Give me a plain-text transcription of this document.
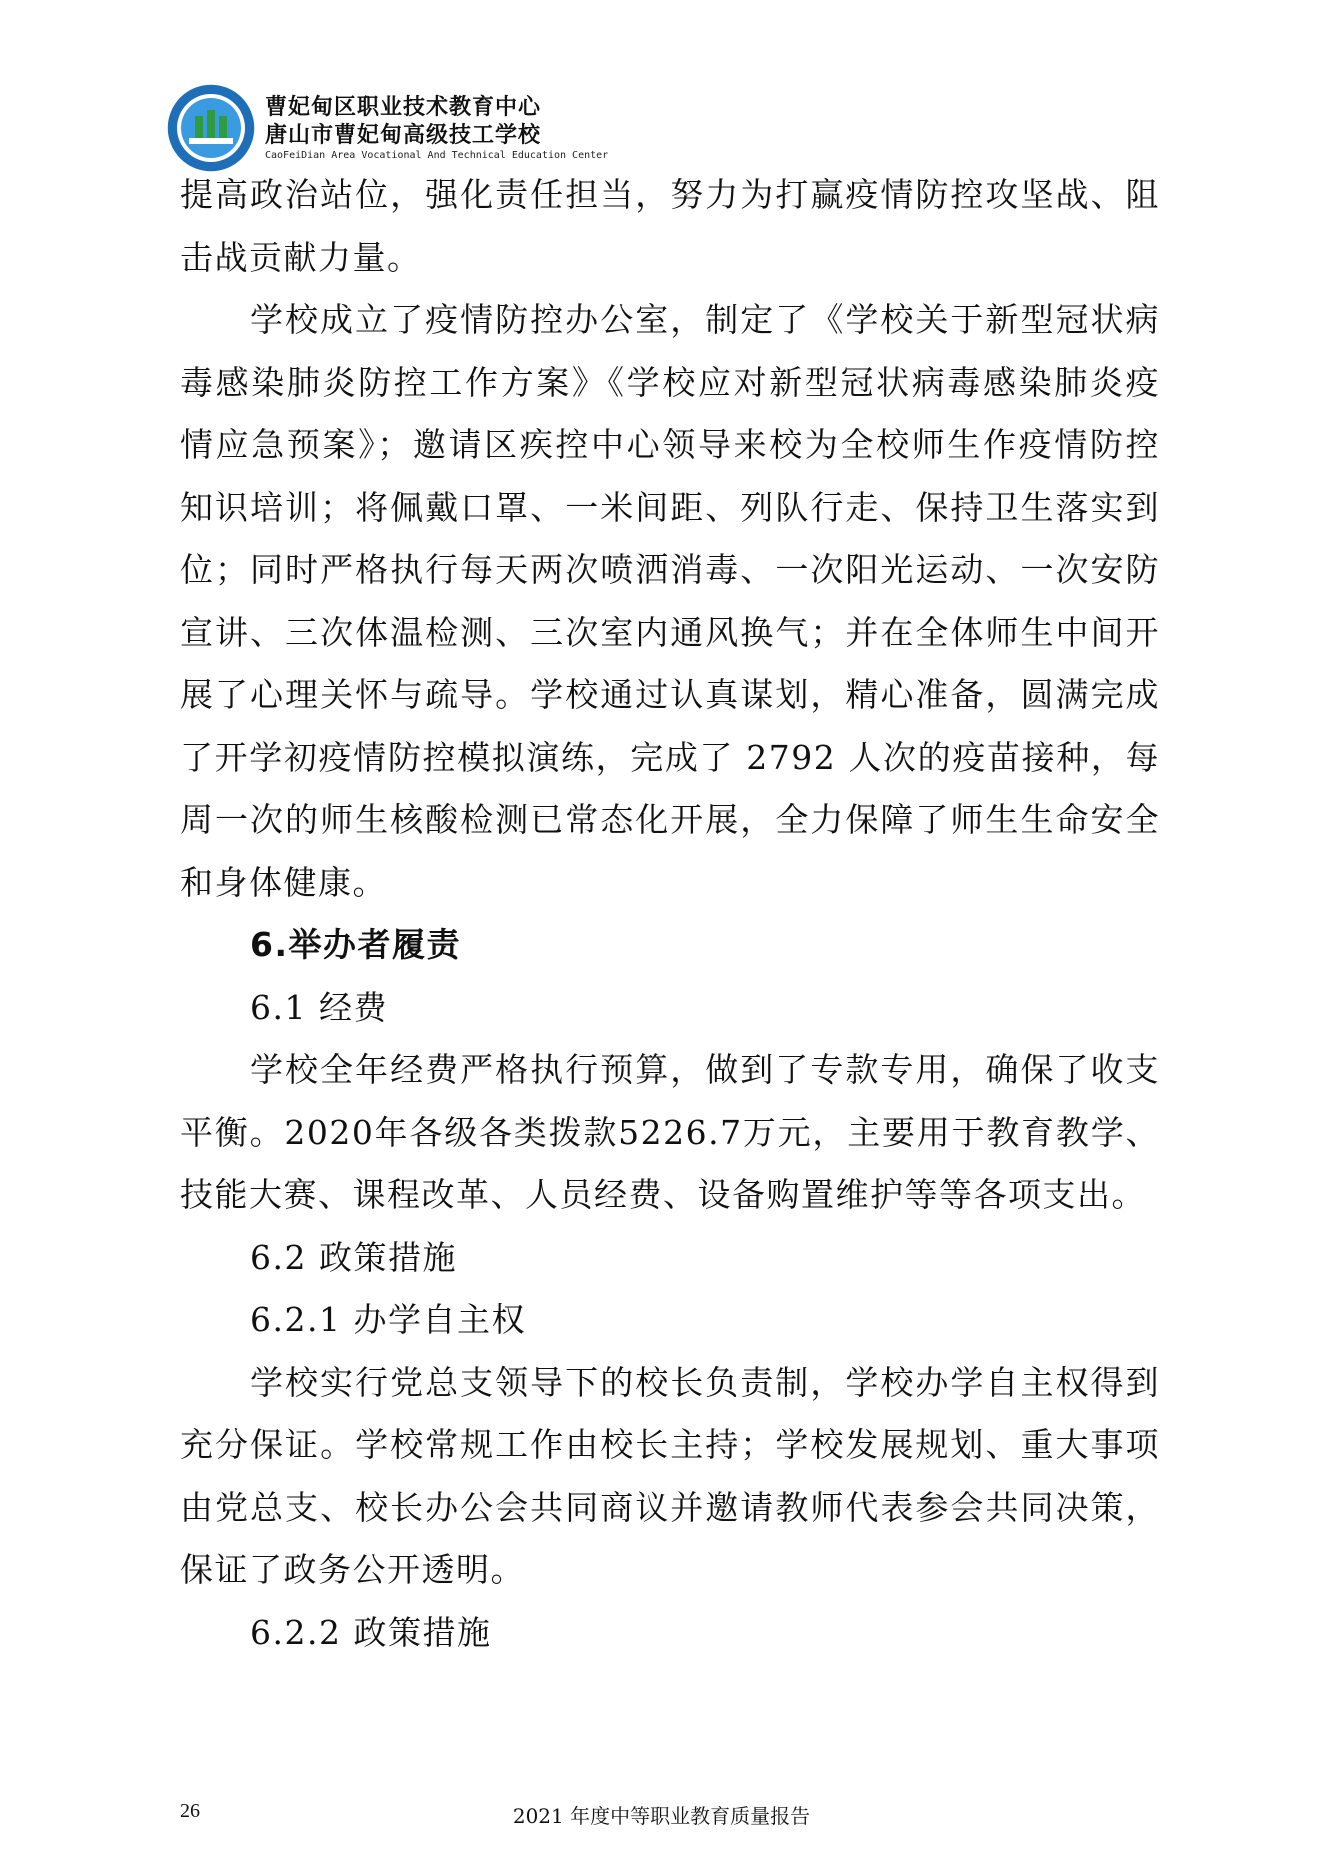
曹妃甸区职业技术教育中心
唐山市曹妃甸高级技工学校
CaoFeiDian Area Vocational And Technical Education Center

提高政治站位，强化责任担当，努力为打赢疫情防控攻坚战、阻击战贡献力量。

学校成立了疫情防控办公室，制定了《学校关于新型冠状病毒感染肺炎防控工作方案》《学校应对新型冠状病毒感染肺炎疫情应急预案》；邀请区疾控中心领导来校为全校师生作疫情防控知识培训；将佩戴口罩、一米间距、列队行走、保持卫生落实到位；同时严格执行每天两次喷洒消毒、一次阳光运动、一次安防宣讲、三次体温检测、三次室内通风换气；并在全体师生中间开展了心理关怀与疏导。学校通过认真谋划，精心准备，圆满完成了开学初疫情防控模拟演练，完成了 2792 人次的疫苗接种，每周一次的师生核酸检测已常态化开展，全力保障了师生生命安全和身体健康。

6.举办者履责

6.1 经费

学校全年经费严格执行预算，做到了专款专用，确保了收支平衡。2020年各级各类拨款5226.7万元，主要用于教育教学、技能大赛、课程改革、人员经费、设备购置维护等等各项支出。

6.2 政策措施

6.2.1 办学自主权

学校实行党总支领导下的校长负责制，学校办学自主权得到充分保证。学校常规工作由校长主持；学校发展规划、重大事项由党总支、校长办公会共同商议并邀请教师代表参会共同决策，保证了政务公开透明。

6.2.2 政策措施

26	2021 年度中等职业教育质量报告
